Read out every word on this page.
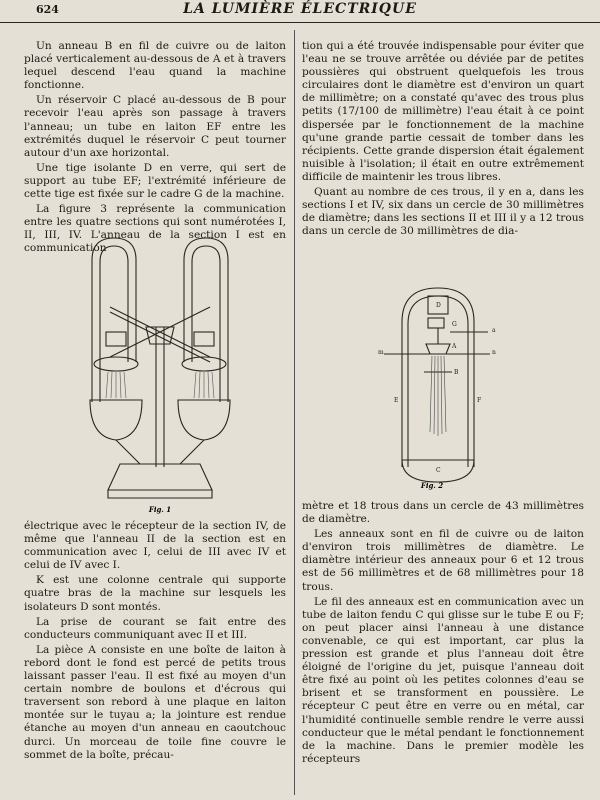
624	LA LUMIÈRE ÉLECTRIQUE

Un anneau B en fil de cuivre ou de laiton placé verticalement au-dessous de A et à travers lequel descend l'eau quand la machine fonctionne.

Un réservoir C placé au-dessous de B pour recevoir l'eau après son passage à travers l'anneau; un tube en laiton EF entre les extrémités duquel le réservoir C peut tourner autour d'un axe horizontal.

Une tige isolante D en verre, qui sert de support au tube EF; l'extrémité inférieure de cette tige est fixée sur le cadre G de la machine.

La figure 3 représente la communication entre les quatre sections qui sont numérotées I, II, III, IV. L'anneau de la section I est en communication

Fig. 1

tion qui a été trouvée indispensable pour éviter que l'eau ne se trouve arrêtée ou déviée par de petites poussières qui obstruent quelquefois les trous circulaires dont le diamètre est d'environ un quart de millimètre; on a constaté qu'avec des trous plus petits (17/100 de millimètre) l'eau était à ce point dispersée par le fonctionnement de la machine qu'une grande partie cessait de tomber dans les récipients. Cette grande dispersion était également nuisible à l'isolation; il était en outre extrêmement difficile de maintenir les trous libres.

Quant au nombre de ces trous, il y en a, dans les sections I et IV, six dans un cercle de 30 millimètres de diamètre; dans les sections II et III il y a 12 trous dans un cercle de 30 millimètres de dia-

D
G
A
B
m	n
a
E	F
C
Fig. 2

électrique avec le récepteur de la section IV, de même que l'anneau II de la section est en communication avec I, celui de III avec IV et celui de IV avec I.

K est une colonne centrale qui supporte quatre bras de la machine sur lesquels les isolateurs D sont montés.

La prise de courant se fait entre des conducteurs communiquant avec II et III.

La pièce A consiste en une boîte de laiton à rebord dont le fond est percé de petits trous laissant passer l'eau. Il est fixé au moyen d'un certain nombre de boulons et d'écrous qui traversent son rebord à une plaque en laiton montée sur le tuyau a; la jointure est rendue étanche au moyen d'un anneau en caoutchouc durci. Un morceau de toile fine couvre le sommet de la boîte, précau-

mètre et 18 trous dans un cercle de 43 millimètres de diamètre.

Les anneaux sont en fil de cuivre ou de laiton d'environ trois millimètres de diamètre. Le diamètre intérieur des anneaux pour 6 et 12 trous est de 56 millimètres et de 68 millimètres pour 18 trous.

Le fil des anneaux est en communication avec un tube de laiton fendu C qui glisse sur le tube E ou F; on peut placer ainsi l'anneau à une distance convenable, ce qui est important, car plus la pression est grande et plus l'anneau doit être éloigné de l'origine du jet, puisque l'anneau doit être fixé au point où les petites colonnes d'eau se brisent et se transforment en poussière. Le récepteur C peut être en verre ou en métal, car l'humidité continuelle semble rendre le verre aussi conducteur que le métal pendant le fonctionnement de la machine. Dans le premier modèle les récepteurs
